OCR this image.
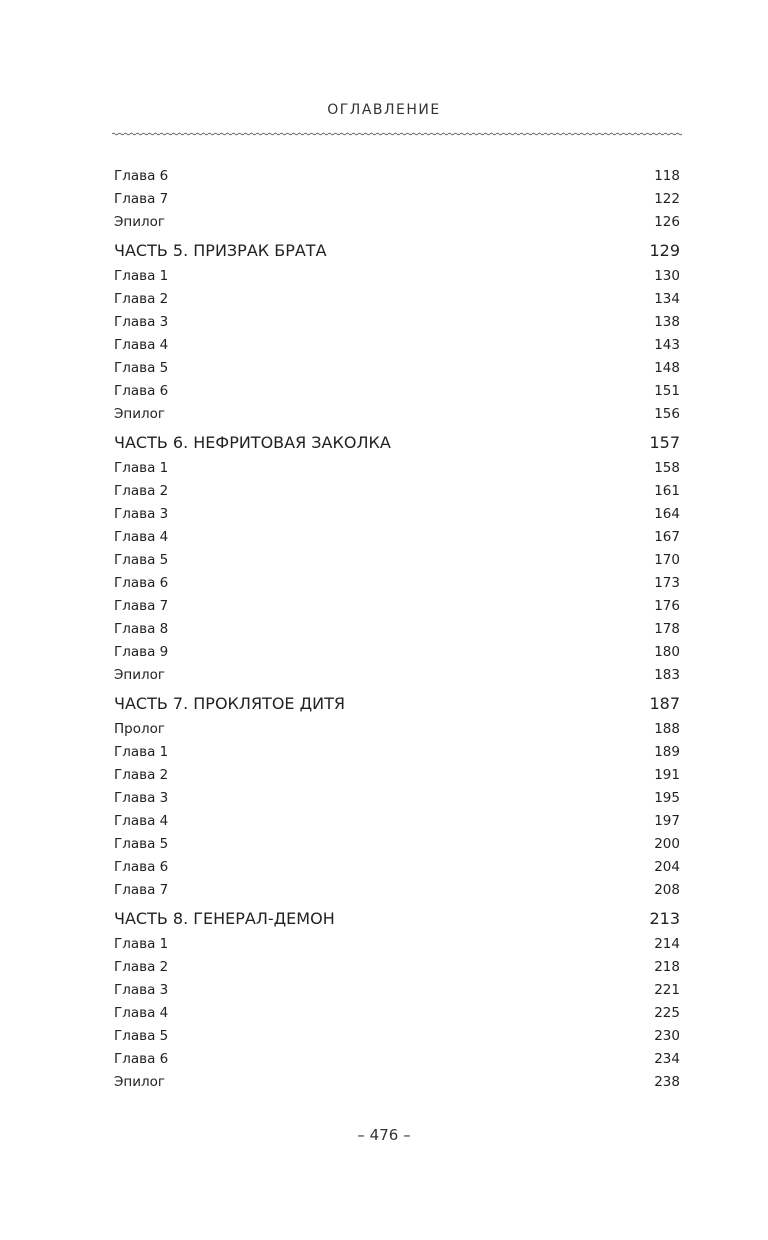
ОГЛАВЛЕНИЕ
Глава 6 .....	118
Глава 7 .....	122
Эпилог .....	126
ЧАСТЬ 5. ПРИЗРАК БРАТА .....	129
Глава 1 .....	130
Глава 2 .....	134
Глава 3 .....	138
Глава 4 .....	143
Глава 5 .....	148
Глава 6 .....	151
Эпилог .....	156
ЧАСТЬ 6. НЕФРИТОВАЯ ЗАКОЛКА .....	157
Глава 1 .....	158
Глава 2 .....	161
Глава 3 .....	164
Глава 4 .....	167
Глава 5 .....	170
Глава 6 .....	173
Глава 7 .....	176
Глава 8 .....	178
Глава 9 .....	180
Эпилог .....	183
ЧАСТЬ 7. ПРОКЛЯТОЕ ДИТЯ .....	187
Пролог .....	188
Глава 1 .....	189
Глава 2 .....	191
Глава 3 .....	195
Глава 4 .....	197
Глава 5 .....	200
Глава 6 .....	204
Глава 7 .....	208
ЧАСТЬ 8. ГЕНЕРАЛ-ДЕМОН .....	213
Глава 1 .....	214
Глава 2 .....	218
Глава 3 .....	221
Глава 4 .....	225
Глава 5 .....	230
Глава 6 .....	234
Эпилог .....	238
– 476 –
